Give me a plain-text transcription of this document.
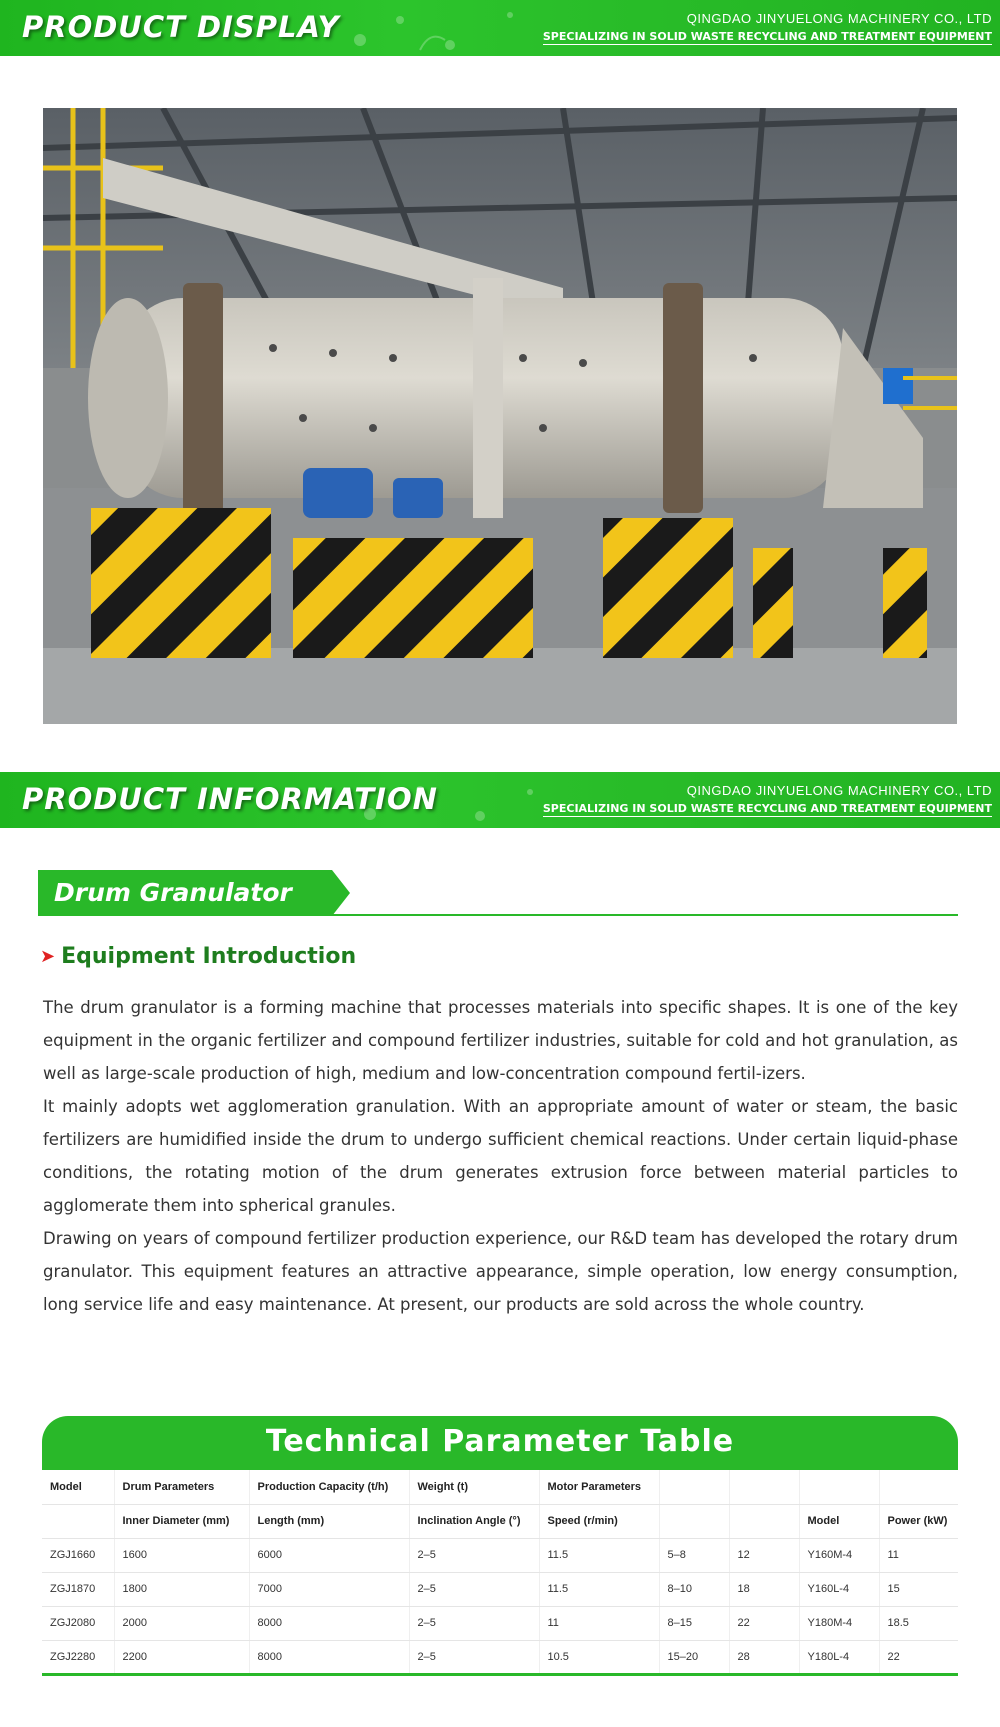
PRODUCT DISPLAY	QINGDAO JINYUELONG MACHINERY CO., LTD
SPECIALIZING IN SOLID WASTE RECYCLING AND TREATMENT EQUIPMENT
PRODUCT INFORMATION	QINGDAO JINYUELONG MACHINERY CO., LTD
SPECIALIZING IN SOLID WASTE RECYCLING AND TREATMENT EQUIPMENT
Drum Granulator
➤ Equipment Introduction

The drum granulator is a forming machine that processes materials into specific shapes. It is one of the key equipment in the organic fertilizer and compound fertilizer industries, suitable for cold and hot granulation, as well as large-scale production of high, medium and low-concentration compound fertil-izers.

It mainly adopts wet agglomeration granulation. With an appropriate amount of water or steam, the basic fertilizers are humidified inside the drum to undergo sufficient chemical reactions. Under certain liquid-phase conditions, the rotating motion of the drum generates extrusion force between material particles to agglomerate them into spherical granules.

Drawing on years of compound fertilizer production experience, our R&D team has developed the rotary drum granulator. This equipment features an attractive appearance, simple operation, low energy consumption, long service life and easy maintenance. At present, our products are sold across the whole country.

Technical Parameter Table
Model	Drum Parameters	Production Capacity (t/h)	Weight (t)	Motor Parameters				
	Inner Diameter (mm)	Length (mm)	Inclination Angle (°)	Speed (r/min)			Model	Power (kW)
ZGJ1660	1600	6000	2–5	11.5	5–8	12	Y160M-4	11
ZGJ1870	1800	7000	2–5	11.5	8–10	18	Y160L-4	15
ZGJ2080	2000	8000	2–5	11	8–15	22	Y180M-4	18.5
ZGJ2280	2200	8000	2–5	10.5	15–20	28	Y180L-4	22
